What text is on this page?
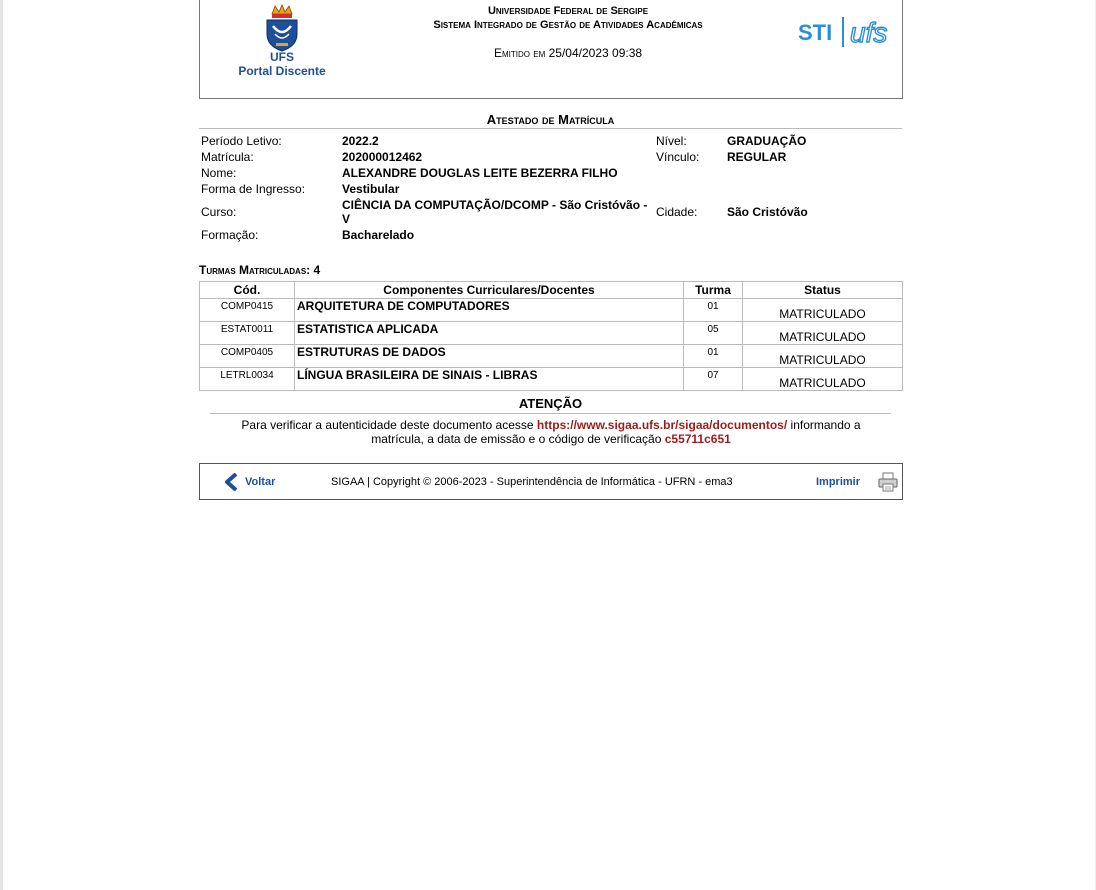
UFS
Portal Discente
Universidade Federal de Sergipe
Sistema Integrado de Gestão de Atividades Acadêmicas
Emitido em 25/04/2023 09:38
STI ufs
Atestado de Matrícula
Período Letivo:	2022.2	Nível:	GRADUAÇÃO
Matrícula:	202000012462	Vínculo: REGULAR
Nome:	ALEXANDRE DOUGLAS LEITE BEZERRA FILHO
Forma de Ingresso:	Vestibular
Curso:	CIÊNCIA DA COMPUTAÇÃO/DCOMP - São Cristóvão - V	Cidade: São Cristóvão
Formação:	Bacharelado
Turmas Matriculadas: 4
Cód.	Componentes Curriculares/Docentes	Turma	Status
COMP0415	ARQUITETURA DE COMPUTADORES	01	MATRICULADO
ESTAT0011	ESTATISTICA APLICADA	05	MATRICULADO
COMP0405	ESTRUTURAS DE DADOS	01	MATRICULADO
LETRL0034	LÍNGUA BRASILEIRA DE SINAIS - LIBRAS	07	MATRICULADO
ATENÇÃO
Para verificar a autenticidade deste documento acesse https://www.sigaa.ufs.br/sigaa/documentos/ informando a matrícula, a data de emissão e o código de verificação c55711c651
Voltar	SIGAA | Copyright © 2006-2023 - Superintendência de Informática - UFRN - ema3	Imprimir
